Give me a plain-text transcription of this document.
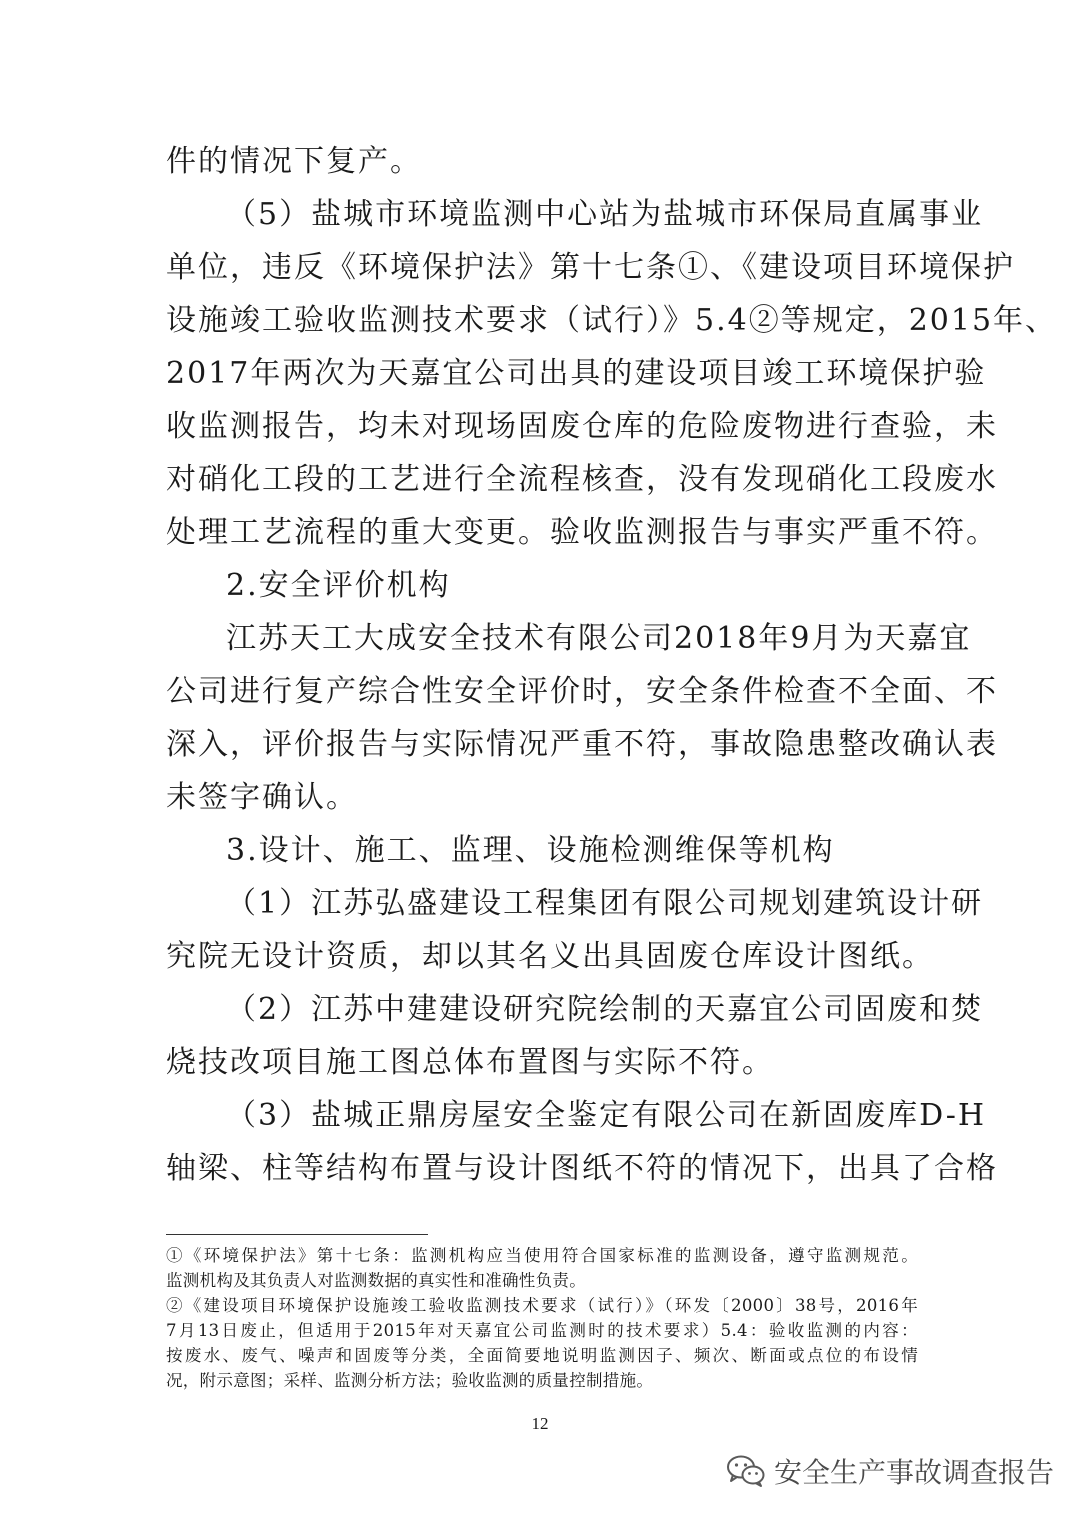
件的情况下复产。
（5）盐城市环境监测中心站为盐城市环保局直属事业
单位，违反《环境保护法》第十七条①、《建设项目环境保护
设施竣工验收监测技术要求（试行）》5.4②等规定，2015年、
2017年两次为天嘉宜公司出具的建设项目竣工环境保护验
收监测报告，均未对现场固废仓库的危险废物进行查验，未
对硝化工段的工艺进行全流程核查，没有发现硝化工段废水
处理工艺流程的重大变更。验收监测报告与事实严重不符。
2.安全评价机构
江苏天工大成安全技术有限公司2018年9月为天嘉宜
公司进行复产综合性安全评价时，安全条件检查不全面、不
深入，评价报告与实际情况严重不符，事故隐患整改确认表
未签字确认。
3.设计、施工、监理、设施检测维保等机构
（1）江苏弘盛建设工程集团有限公司规划建筑设计研
究院无设计资质，却以其名义出具固废仓库设计图纸。
（2）江苏中建建设研究院绘制的天嘉宜公司固废和焚
烧技改项目施工图总体布置图与实际不符。
（3）盐城正鼎房屋安全鉴定有限公司在新固废库D-H
轴梁、柱等结构布置与设计图纸不符的情况下，出具了合格
①《环境保护法》第十七条：监测机构应当使用符合国家标准的监测设备，遵守监测规范。
监测机构及其负责人对监测数据的真实性和准确性负责。
②《建设项目环境保护设施竣工验收监测技术要求（试行）》（环发〔2000〕38号，2016年
7月13日废止，但适用于2015年对天嘉宜公司监测时的技术要求）5.4：验收监测的内容：
按废水、废气、噪声和固废等分类，全面简要地说明监测因子、频次、断面或点位的布设情
况，附示意图；采样、监测分析方法；验收监测的质量控制措施。
12
安全生产事故调查报告
